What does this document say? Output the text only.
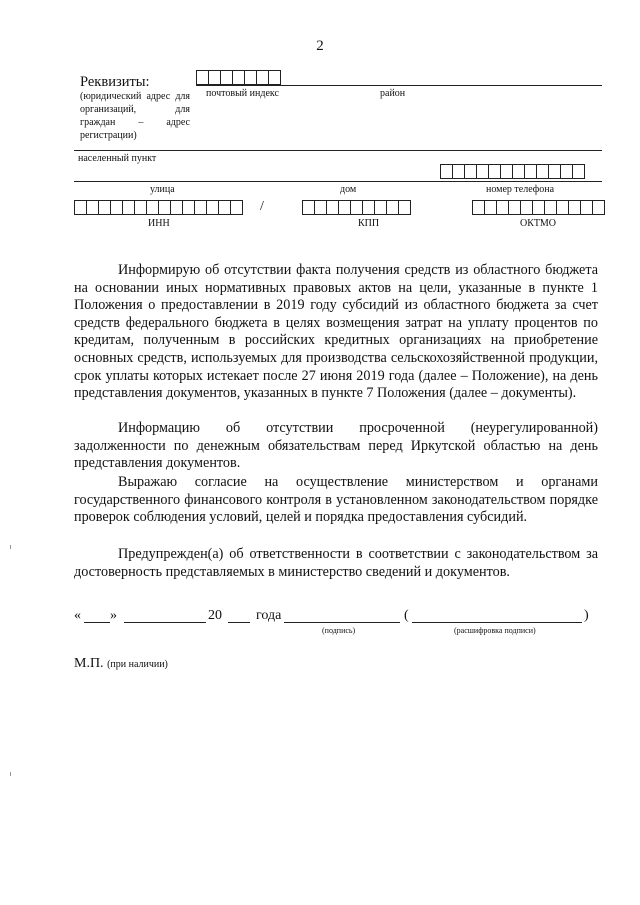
2
Реквизиты:
(юридический адрес для организаций, для граждан – адрес регистрации)
почтовый индекс	район
населенный пункт
улица	дом	номер телефона
/
ИНН	КПП	ОКТМО

Информирую об отсутствии факта получения средств из областного бюджета на основании иных нормативных правовых актов на цели, указанные в пункте 1 Положения о предоставлении в 2019 году субсидий из областного бюджета за счет средств федерального бюджета в целях возмещения затрат на уплату процентов по кредитам, полученным в российских кредитных организациях на приобретение основных средств, используемых для производства сельскохозяйственной продукции, срок уплаты которых истекает после 27 июня 2019 года (далее – Положение), на день представления документов, указанных в пункте 7 Положения (далее – документы).

Информацию об отсутствии просроченной (неурегулированной) задолженности по денежным обязательствам перед Иркутской областью на день представления документов.

Выражаю согласие на осуществление министерством и органами государственного финансового контроля в установленном законодательством порядке проверок соблюдения условий, целей и порядка предоставления субсидий.

Предупрежден(а) об ответственности в соответствии с законодательством за достоверность представляемых в министерство сведений и документов.

« »	20 года	(	)
(подпись)	(расшифровка подписи)
М.П. (при наличии)
